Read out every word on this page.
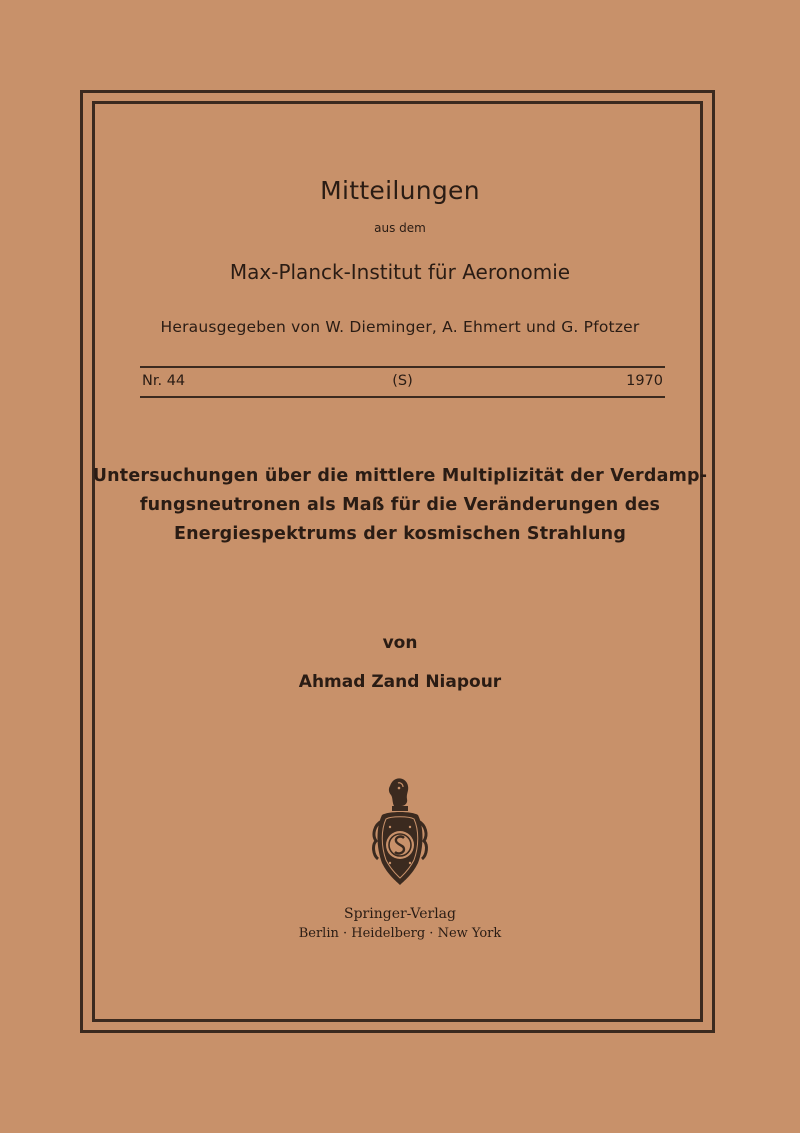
Mitteilungen
aus dem
Max-Planck-Institut für Aeronomie
Herausgegeben von W. Dieminger, A. Ehmert und G. Pfotzer
Nr. 44	(S)	1970
Untersuchungen über die mittlere Multiplizität der Verdamp-
fungsneutronen als Maß für die Veränderungen des
Energiespektrums der kosmischen Strahlung
von
Ahmad Zand Niapour
Springer-Verlag
Berlin · Heidelberg · New York
